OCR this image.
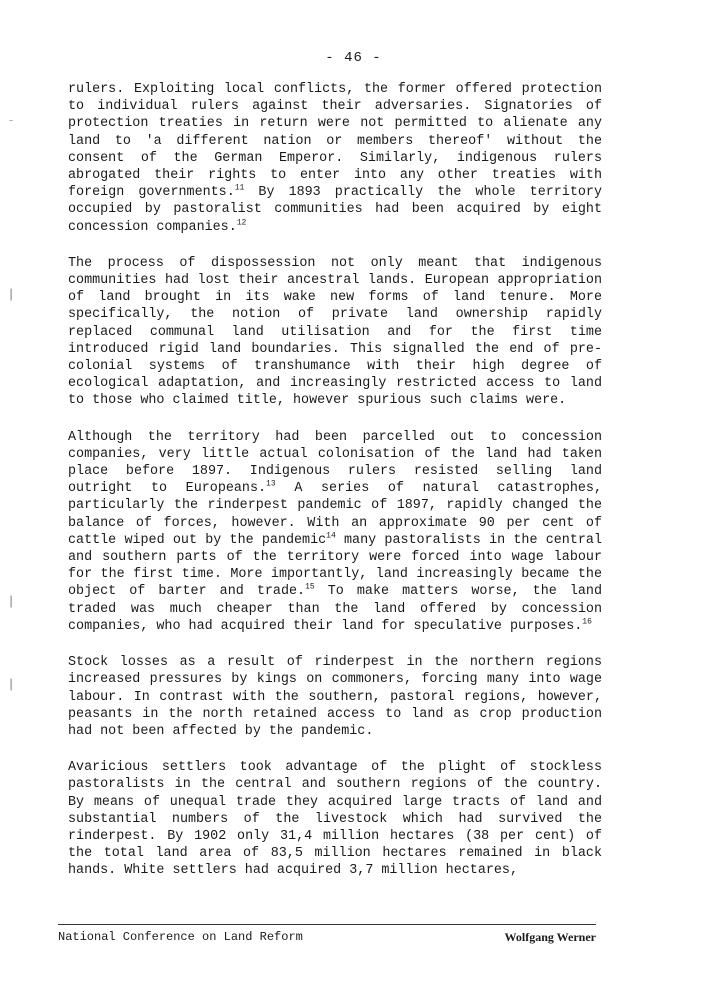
- 46 -
⁻
│
│
│

rulers. Exploiting local conflicts, the former offered protection to individual rulers against their adversaries. Signatories of protection treaties in return were not permitted to alienate any land to 'a different nation or members thereof' without the consent of the German Emperor. Similarly, indigenous rulers abrogated their rights to enter into any other treaties with foreign governments.$^{11}$ By 1893 practically the whole territory occupied by pastoralist communities had been acquired by eight concession companies.$^{12}$

The process of dispossession not only meant that indigenous communities had lost their ancestral lands. European appropriation of land brought in its wake new forms of land tenure. More specifically, the notion of private land ownership rapidly replaced communal land utilisation and for the first time introduced rigid land boundaries. This signalled the end of pre-colonial systems of transhumance with their high degree of ecological adaptation, and increasingly restricted access to land to those who claimed title, however spurious such claims were.

Although the territory had been parcelled out to concession companies, very little actual colonisation of the land had taken place before 1897. Indigenous rulers resisted selling land outright to Europeans.$^{13}$ A series of natural catastrophes, particularly the rinderpest pandemic of 1897, rapidly changed the balance of forces, however. With an approximate 90 per cent of cattle wiped out by the pandemic$^{14}$ many pastoralists in the central and southern parts of the territory were forced into wage labour for the first time. More importantly, land increasingly became the object of barter and trade.$^{15}$ To make matters worse, the land traded was much cheaper than the land offered by concession companies, who had acquired their land for speculative purposes.$^{16}$

Stock losses as a result of rinderpest in the northern regions increased pressures by kings on commoners, forcing many into wage labour. In contrast with the southern, pastoral regions, however, peasants in the north retained access to land as crop production had not been affected by the pandemic.

Avaricious settlers took advantage of the plight of stockless pastoralists in the central and southern regions of the country. By means of unequal trade they acquired large tracts of land and substantial numbers of the livestock which had survived the rinderpest. By 1902 only 31,4 million hectares (38 per cent) of the total land area of 83,5 million hectares remained in black hands. White settlers had acquired 3,7 million hectares,

National Conference on Land Reform	Wolfgang Werner
